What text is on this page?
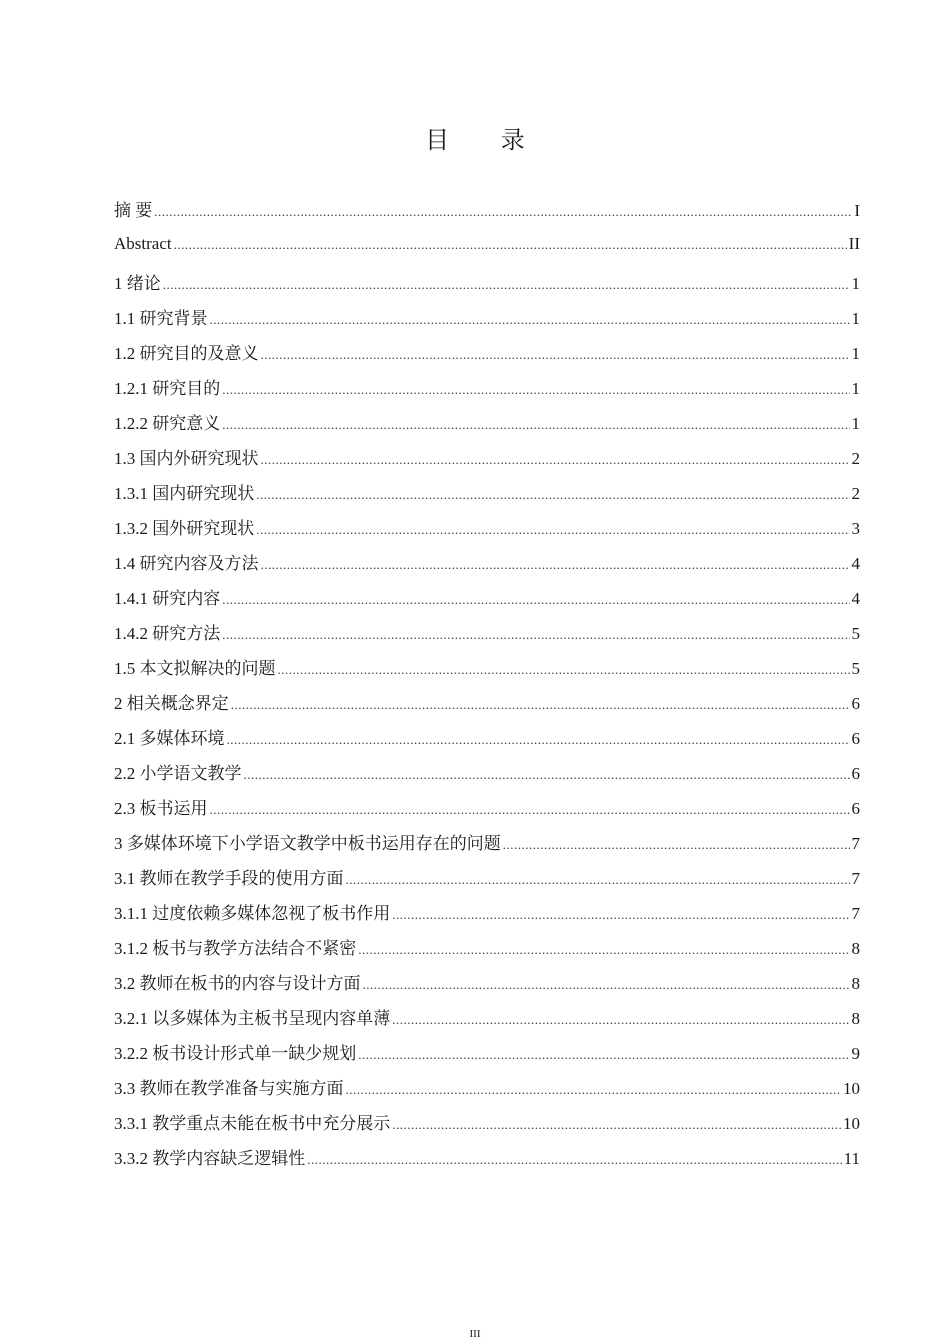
目 录
摘 要 .....	I
Abstract .....	II
1 绪论 .....	1
1.1 研究背景 .....	1
1.2 研究目的及意义 .....	1
1.2.1 研究目的 .....	1
1.2.2 研究意义 .....	1
1.3 国内外研究现状 .....	2
1.3.1 国内研究现状 .....	2
1.3.2 国外研究现状 .....	3
1.4 研究内容及方法 .....	4
1.4.1 研究内容 .....	4
1.4.2 研究方法 .....	5
1.5 本文拟解决的问题 .....	5
2 相关概念界定 .....	6
2.1 多媒体环境 .....	6
2.2 小学语文教学 .....	6
2.3 板书运用 .....	6
3 多媒体环境下小学语文教学中板书运用存在的问题 .....	7
3.1 教师在教学手段的使用方面 .....	7
3.1.1 过度依赖多媒体忽视了板书作用 .....	7
3.1.2 板书与教学方法结合不紧密 .....	8
3.2 教师在板书的内容与设计方面 .....	8
3.2.1 以多媒体为主板书呈现内容单薄 .....	8
3.2.2 板书设计形式单一缺少规划 .....	9
3.3 教师在教学准备与实施方面 .....	10
3.3.1 教学重点未能在板书中充分展示 .....	10
3.3.2 教学内容缺乏逻辑性 .....	11
III
